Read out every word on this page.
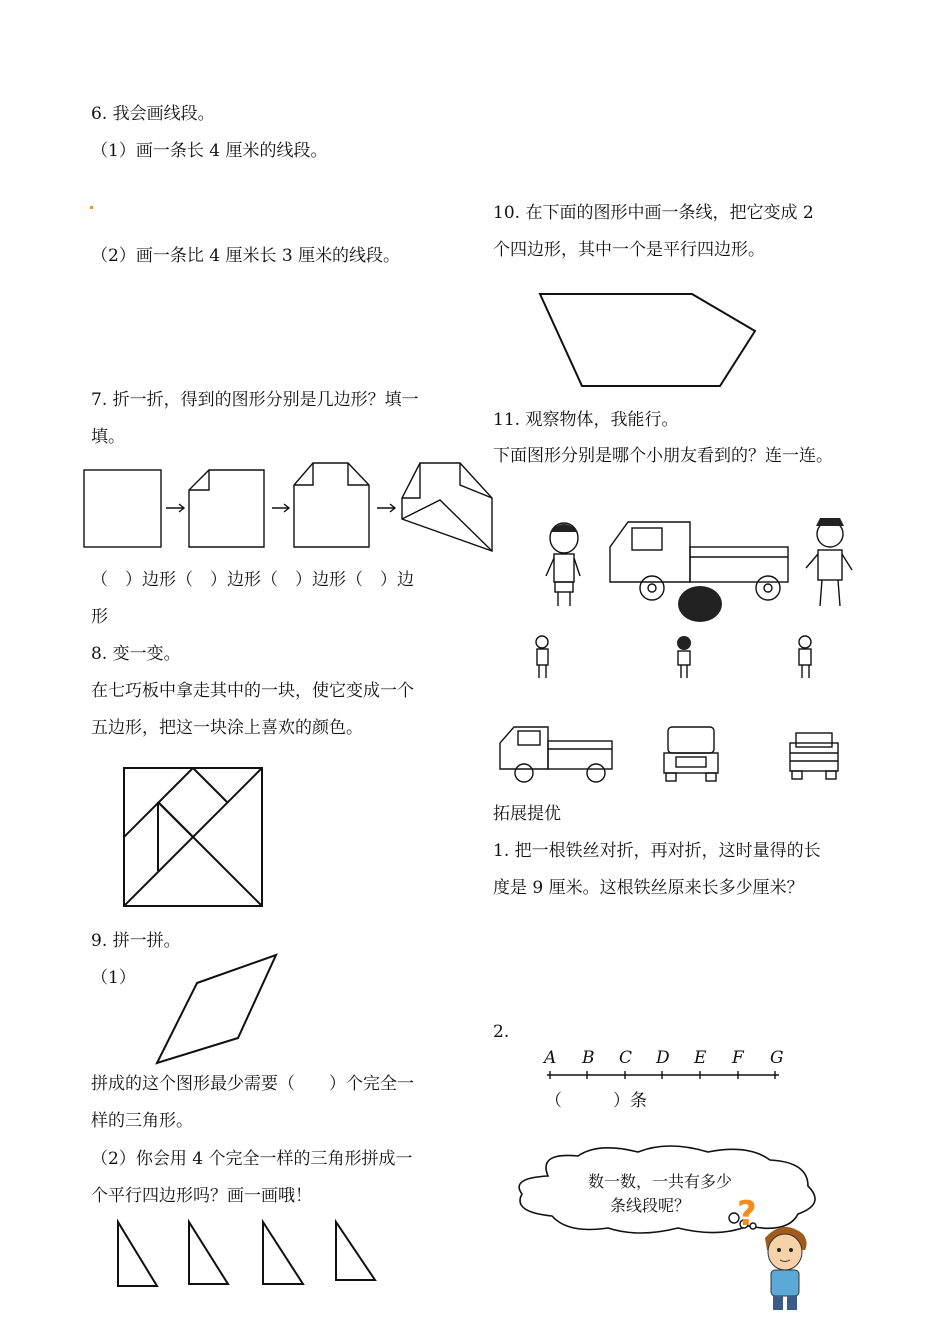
6. 我会画线段。
（1）画一条长 4 厘米的线段。
（2）画一条比 4 厘米长 3 厘米的线段。
7. 折一折，得到的图形分别是几边形？填一
填。
（　）边形（　）边形（　）边形（　）边
形
8. 变一变。
在七巧板中拿走其中的一块，使它变成一个
五边形，把这一块涂上喜欢的颜色。
9. 拼一拼。
（1）
拼成的这个图形最少需要（　　）个完全一
样的三角形。
（2）你会用 4 个完全一样的三角形拼成一
个平行四边形吗？画一画哦！
10. 在下面的图形中画一条线，把它变成 2
个四边形，其中一个是平行四边形。
11. 观察物体，我能行。
下面图形分别是哪个小朋友看到的？连一连。
拓展提优
1. 把一根铁丝对折，再对折，这时量得的长
度是 9 厘米。这根铁丝原来长多少厘米？
2.
A B C D E F G
（　　　）条
数一数，一共有多少
条线段呢？	?
